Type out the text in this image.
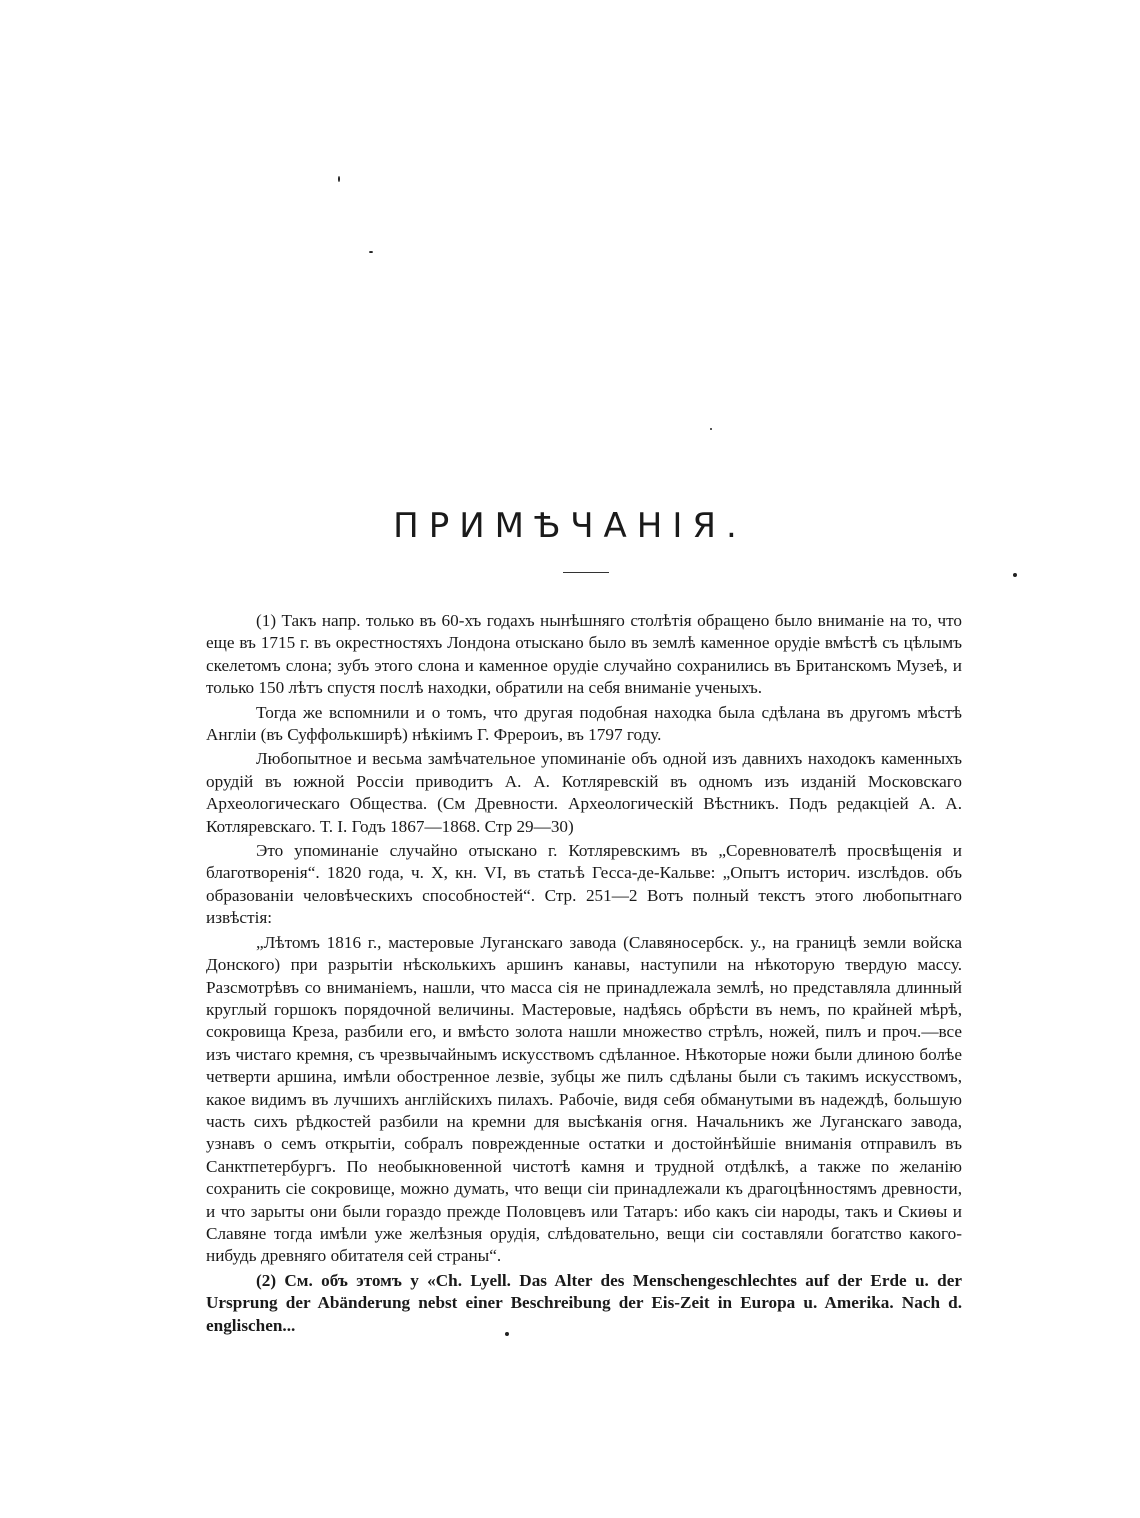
ПРИМѢЧАНІЯ.

(1) Такъ напр. только въ 60-хъ годахъ нынѣшняго столѣтія обращено было вниманіе на то, что еще въ 1715 г. въ окрестностяхъ Лондона отыскано было въ землѣ каменное орудіе вмѣстѣ съ цѣлымъ скелетомъ слона; зубъ этого слона и каменное орудіе случайно сохранились въ Британскомъ Музеѣ, и только 150 лѣтъ спустя послѣ находки, обратили на себя вниманіе ученыхъ.

Тогда же вспомнили и о томъ, что другая подобная находка была сдѣлана въ другомъ мѣстѣ Англіи (въ Суффолькширѣ) нѣкіимъ Г. Фрероиъ, въ 1797 году.

Любопытное и весьма замѣчательное упоминаніе объ одной изъ давнихъ находокъ каменныхъ орудій въ южной Россіи приводитъ А. А. Котляревскій въ одномъ изъ изданій Московскаго Археологическаго Общества. (См Древности. Археологическій Вѣстникъ. Подъ редакціей А. А. Котляревскаго. Т. I. Годъ 1867—1868. Стр 29—30)

Это упоминаніе случайно отыскано г. Котляревскимъ въ „Соревнователѣ просвѣщенія и благотворенія“. 1820 года, ч. X, кн. VI, въ статьѣ Гесса-де-Кальве: „Опытъ историч. изслѣдов. объ образованіи человѣческихъ способностей“. Стр. 251—2 Вотъ полный текстъ этого любопытнаго извѣстія:

„Лѣтомъ 1816 г., мастеровые Луганскаго завода (Славяносербск. у., на границѣ земли войска Донского) при разрытіи нѣсколькихъ аршинъ канавы, наступили на нѣкоторую твердую массу. Разсмотрѣвъ со вниманіемъ, нашли, что масса сія не принадлежала землѣ, но представляла длинный круглый горшокъ порядочной величины. Мастеровые, надѣясь обрѣсти въ немъ, по крайней мѣрѣ, сокровища Креза, разбили его, и вмѣсто золота нашли множество стрѣлъ, ножей, пилъ и проч.—все изъ чистаго кремня, съ чрезвычайнымъ искусствомъ сдѣланное. Нѣкоторые ножи были длиною болѣе четверти аршина, имѣли обостренное лезвіе, зубцы же пилъ сдѣланы были съ такимъ искусствомъ, какое видимъ въ лучшихъ англійскихъ пилахъ. Рабочіе, видя себя обманутыми въ надеждѣ, большую часть сихъ рѣдкостей разбили на кремни для высѣканія огня. Начальникъ же Луганскаго завода, узнавъ о семъ открытіи, собралъ поврежденные остатки и достойнѣйшіе вниманія отправилъ въ Санктпетербургъ. По необыкновенной чистотѣ камня и трудной отдѣлкѣ, а также по желанію сохранить сіе сокровище, можно думать, что вещи сіи принадлежали къ драгоцѣнностямъ древности, и что зарыты они были гораздо прежде Половцевъ или Татаръ: ибо какъ сіи народы, такъ и Скиѳы и Славяне тогда имѣли уже желѣзныя орудія, слѣдовательно, вещи сіи составляли богатство какого-нибудь древняго обитателя сей страны“.

(2) См. объ этомъ у «Ch. Lyell. Das Alter des Menschengeschlechtes auf der Erde u. der Ursprung der Abänderung nebst einer Beschreibung der Eis-Zeit in Europa u. Amerika. Nach d. englischen...
